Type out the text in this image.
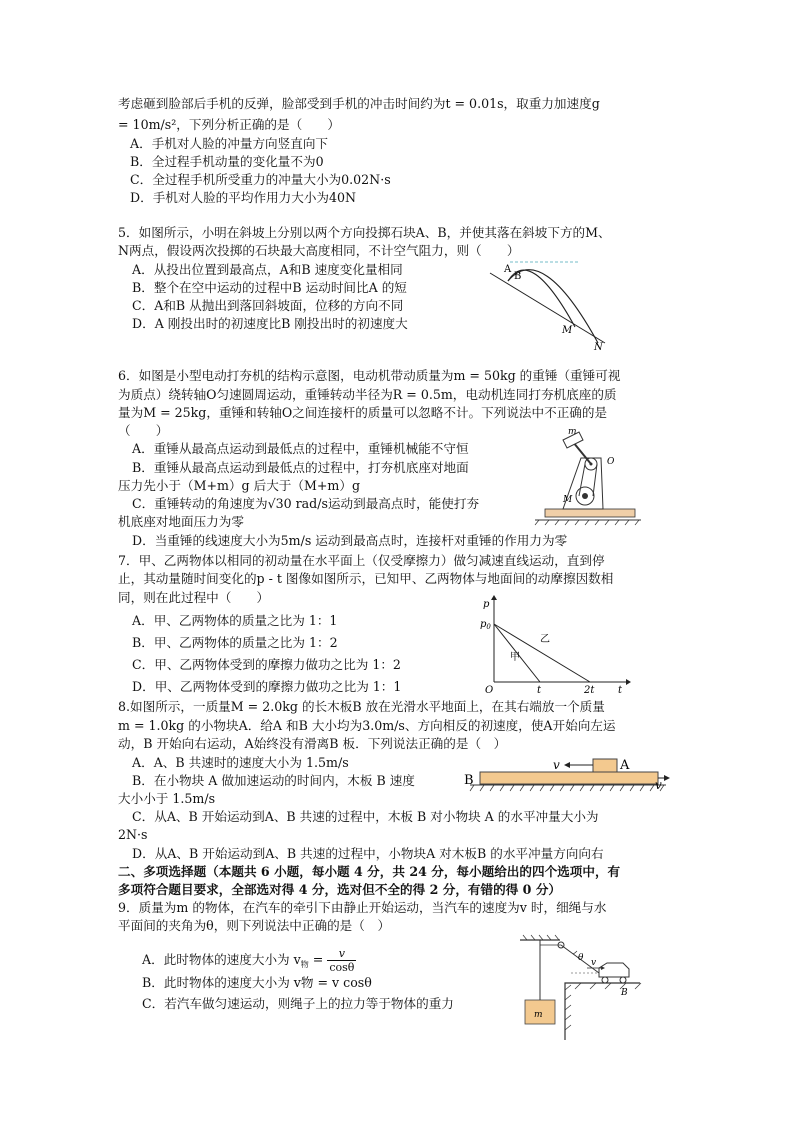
考虑砸到脸部后手机的反弹，脸部受到手机的冲击时间约为t = 0.01s，取重力加速度g
= 10m/s²，下列分析正确的是（　　）
A．手机对人脸的冲量方向竖直向下
B．全过程手机动量的变化量不为0
C．全过程手机所受重力的冲量大小为0.02N·s
D．手机对人脸的平均作用力大小为40N
5．如图所示，小明在斜坡上分别以两个方向投掷石块A、B，并使其落在斜坡下方的M、
N两点，假设两次投掷的石块最大高度相同，不计空气阻力，则（　　）
A．从投出位置到最高点，A和B 速度变化量相同
B．整个在空中运动的过程中B 运动时间比A 的短
C．A和B 从抛出到落回斜坡面，位移的方向不同
D．A 刚投出时的初速度比B 刚投出时的初速度大
A
B
M
N
6．如图是小型电动打夯机的结构示意图，电动机带动质量为m = 50kg 的重锤（重锤可视
为质点）绕转轴O匀速圆周运动，重锤转动半径为R = 0.5m，电动机连同打夯机底座的质
量为M = 25kg，重锤和转轴O之间连接杆的质量可以忽略不计。下列说法中不正确的是
（　　）
A．重锤从最高点运动到最低点的过程中，重锤机械能不守恒
B．重锤从最高点运动到最低点的过程中，打夯机底座对地面
压力先小于（M+m）g 后大于（M+m）g
C．重锤转动的角速度为√30 rad/s运动到最高点时，能使打夯
机底座对地面压力为零
D．当重锤的线速度大小为5m/s 运动到最高点时，连接杆对重锤的作用力为零
m
O
M
7．甲、乙两物体以相同的初动量在水平面上（仅受摩擦力）做匀减速直线运动，直到停
止，其动量随时间变化的p - t 图像如图所示，已知甲、乙两物体与地面间的动摩擦因数相
同，则在此过程中（　　）
A．甲、乙两物体的质量之比为 1：1
B．甲、乙两物体的质量之比为 1：2
C．甲、乙两物体受到的摩擦力做功之比为 1：2
D．甲、乙两物体受到的摩擦力做功之比为 1：1
p
$p_0$
O	t	2t t
甲
乙
8.如图所示，一质量M = 2.0kg 的长木板B 放在光滑水平地面上，在其右端放一个质量
m = 1.0kg 的小物块A．给A 和B 大小均为3.0m/s、方向相反的初速度，使A开始向左运
动，B 开始向右运动，A始终没有滑离B 板．下列说法正确的是（　）
A．A、B 共速时的速度大小为 1.5m/s
B．在小物块 A 做加速运动的时间内，木板 B 速度
大小小于 1.5m/s
C．从A、B 开始运动到A、B 共速的过程中，木板 B 对小物块 A 的水平冲量大小为
2N·s
D．从A、B 开始运动到A、B 共速的过程中，小物块A 对木板B 的水平冲量方向向右
v	A
B	v
二、多项选择题（本题共 6 小题，每小题 4 分，共 24 分，每小题给出的四个选项中，有
多项符合题目要求，全部选对得 4 分，选对但不全的得 2 分，有错的得 0 分）
9．质量为m 的物体，在汽车的牵引下由静止开始运动，当汽车的速度为v 时，细绳与水
平面间的夹角为θ，则下列说法中正确的是（　）
A．此时物体的速度大小为 $v_物 = \frac{v}{\cos\theta}$
B．此时物体的速度大小为 v物 = v cosθ
C．若汽车做匀速运动，则绳子上的拉力等于物体的重力
m
θ v
B
